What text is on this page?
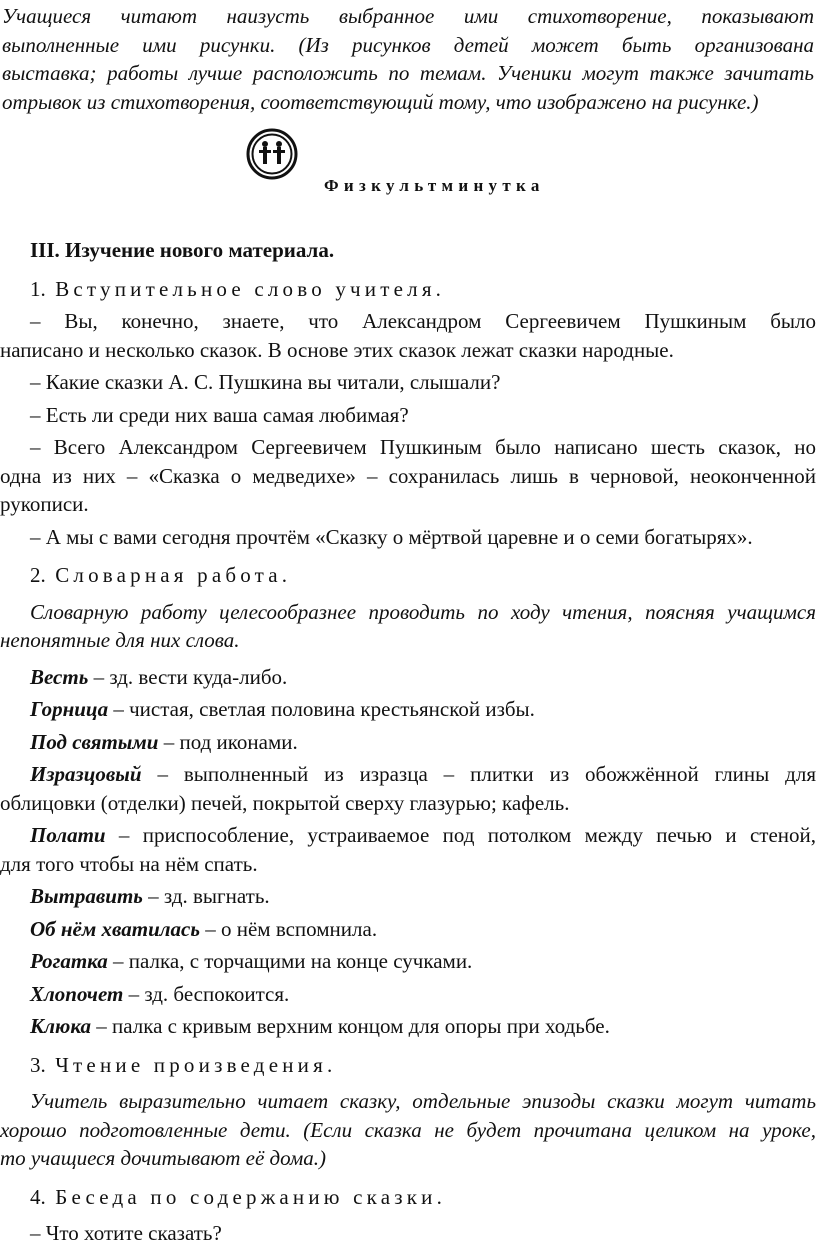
Учащиеся читают наизусть выбранное ими стихотворение, показывают
выполненные ими рисунки. (Из рисунков детей может быть организована
выставка; работы лучше расположить по темам. Ученики могут также зачитать
отрывок из стихотворения, соответствующий тому, что изображено на рисунке.)
Физкультминутка
III. Изучение нового материала.
1. Вступительное слово учителя.
– Вы, конечно, знаете, что Александром Сергеевичем Пушкиным было
написано и несколько сказок. В основе этих сказок лежат сказки народные.
– Какие сказки А. С. Пушкина вы читали, слышали?
– Есть ли среди них ваша самая любимая?
– Всего Александром Сергеевичем Пушкиным было написано шесть сказок, но
одна из них – «Сказка о медведихе» – сохранилась лишь в черновой, неоконченной
рукописи.
– А мы с вами сегодня прочтём «Сказку о мёртвой царевне и о семи богатырях».
2. Словарная работа.
Словарную работу целесообразнее проводить по ходу чтения, поясняя учащимся
непонятные для них слова.
Весть – зд. вести куда-либо.
Горница – чистая, светлая половина крестьянской избы.
Под святыми – под иконами.
Изразцовый – выполненный из изразца – плитки из обожжённой глины для
облицовки (отделки) печей, покрытой сверху глазурью; кафель.
Полати – приспособление, устраиваемое под потолком между печью и стеной,
для того чтобы на нём спать.
Вытравить – зд. выгнать.
Об нём хватилась – о нём вспомнила.
Рогатка – палка, с торчащими на конце сучками.
Хлопочет – зд. беспокоится.
Клюка – палка с кривым верхним концом для опоры при ходьбе.
3. Чтение произведения.
Учитель выразительно читает сказку, отдельные эпизоды сказки могут читать
хорошо подготовленные дети. (Если сказка не будет прочитана целиком на уроке,
то учащиеся дочитывают её дома.)
4. Беседа по содержанию сказки.
– Что хотите сказать?
